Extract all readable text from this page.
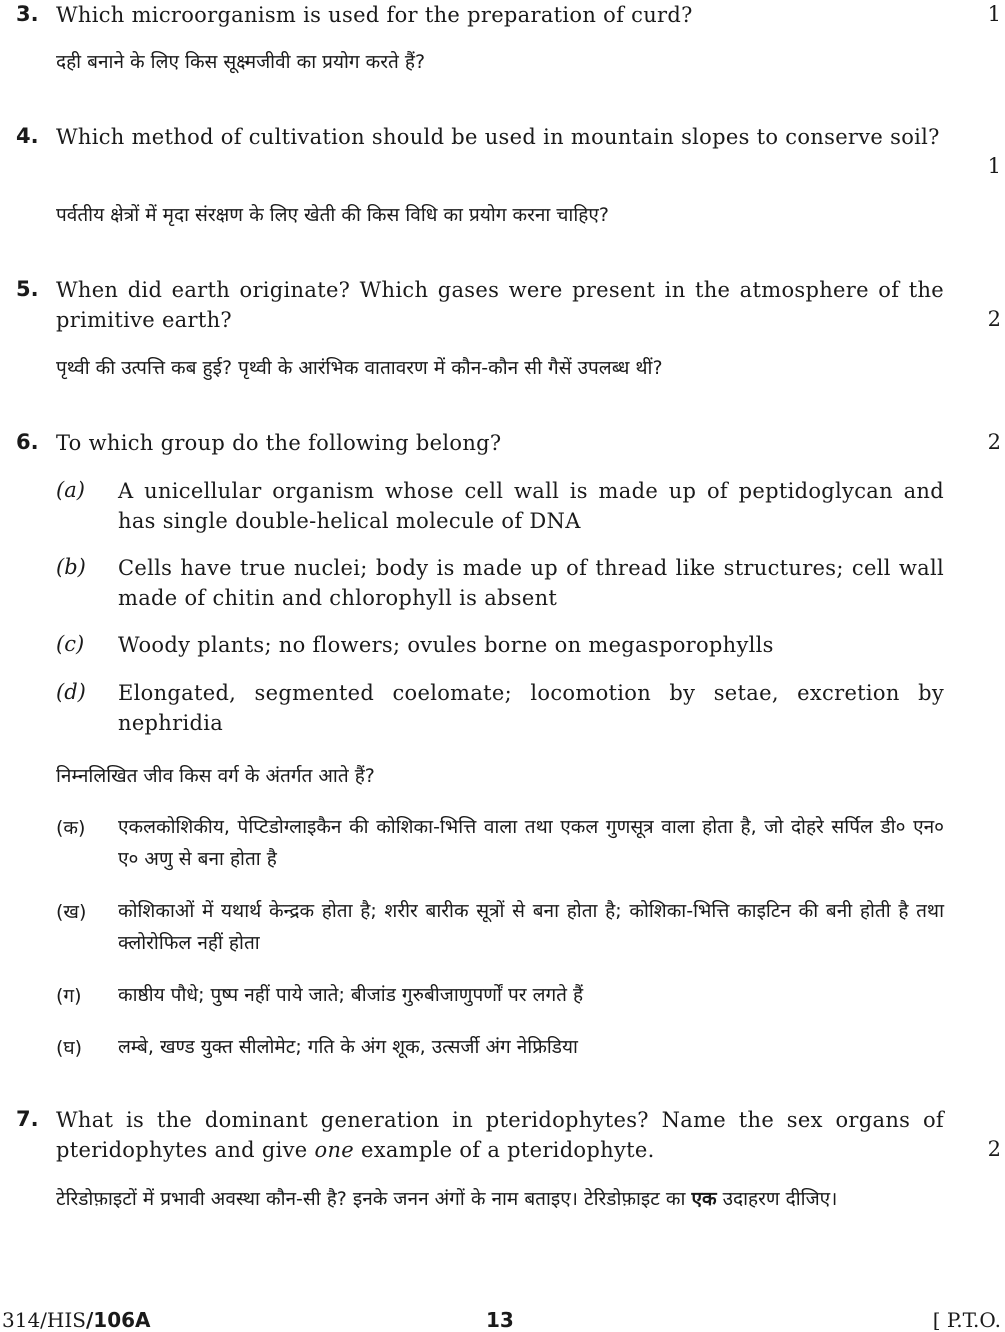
3. Which microorganism is used for the preparation of curd?	1
दही बनाने के लिए किस सूक्ष्मजीवी का प्रयोग करते हैं?
4. Which method of cultivation should be used in mountain slopes to conserve soil?
1
पर्वतीय क्षेत्रों में मृदा संरक्षण के लिए खेती की किस विधि का प्रयोग करना चाहिए?
5. When did earth originate? Which gases were present in the atmosphere of the primitive earth?	2
पृथ्वी की उत्पत्ति कब हुई? पृथ्वी के आरंभिक वातावरण में कौन-कौन सी गैसें उपलब्ध थीं?
6. To which group do the following belong?	2
(a) A unicellular organism whose cell wall is made up of peptidoglycan and has single double-helical molecule of DNA
(b) Cells have true nuclei; body is made up of thread like structures; cell wall made of chitin and chlorophyll is absent
(c) Woody plants; no flowers; ovules borne on megasporophylls
(d) Elongated, segmented coelomate; locomotion by setae, excretion by nephridia
निम्नलिखित जीव किस वर्ग के अंतर्गत आते हैं?
(क) एकलकोशिकीय, पेप्टिडोग्लाइकैन की कोशिका-भित्ति वाला तथा एकल गुणसूत्र वाला होता है, जो दोहरे सर्पिल डी० एन० ए० अणु से बना होता है
(ख) कोशिकाओं में यथार्थ केन्द्रक होता है; शरीर बारीक सूत्रों से बना होता है; कोशिका-भित्ति काइटिन की बनी होती है तथा क्लोरोफिल नहीं होता
(ग) काष्ठीय पौधे; पुष्प नहीं पाये जाते; बीजांड गुरुबीजाणुपर्णों पर लगते हैं
(घ) लम्बे, खण्ड युक्त सीलोमेट; गति के अंग शूक, उत्सर्जी अंग नेफ्रिडिया
7. What is the dominant generation in pteridophytes? Name the sex organs of pteridophytes and give one example of a pteridophyte.	2
टेरिडोफ़ाइटों में प्रभावी अवस्था कौन-सी है? इनके जनन अंगों के नाम बताइए। टेरिडोफ़ाइट का एक उदाहरण दीजिए।
314/HIS/106A	13	[ P.T.O.
